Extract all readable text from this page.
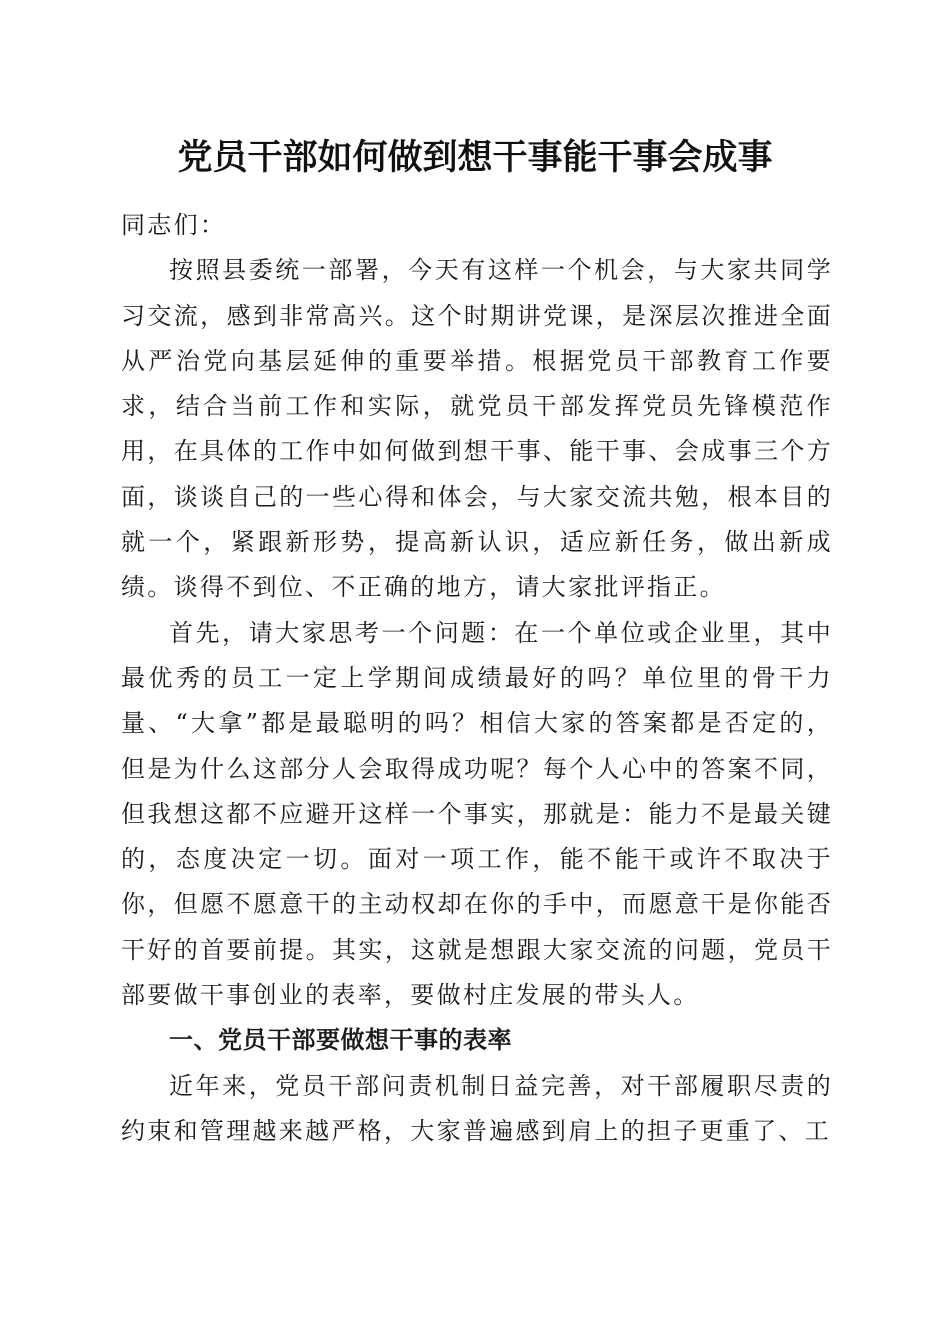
党员干部如何做到想干事能干事会成事

同志们：

按照县委统一部署，今天有这样一个机会，与大家共同学习交流，感到非常高兴。这个时期讲党课，是深层次推进全面从严治党向基层延伸的重要举措。根据党员干部教育工作要求，结合当前工作和实际，就党员干部发挥党员先锋模范作用，在具体的工作中如何做到想干事、能干事、会成事三个方面，谈谈自己的一些心得和体会，与大家交流共勉，根本目的就一个，紧跟新形势，提高新认识，适应新任务，做出新成绩。谈得不到位、不正确的地方，请大家批评指正。

首先，请大家思考一个问题：在一个单位或企业里，其中最优秀的员工一定上学期间成绩最好的吗？单位里的骨干力量、“大拿”都是最聪明的吗？相信大家的答案都是否定的，但是为什么这部分人会取得成功呢？每个人心中的答案不同，但我想这都不应避开这样一个事实，那就是：能力不是最关键的，态度决定一切。面对一项工作，能不能干或许不取决于你，但愿不愿意干的主动权却在你的手中，而愿意干是你能否干好的首要前提。其实，这就是想跟大家交流的问题，党员干部要做干事创业的表率，要做村庄发展的带头人。

一、党员干部要做想干事的表率

近年来，党员干部问责机制日益完善，对干部履职尽责的约束和管理越来越严格，大家普遍感到肩上的担子更重了、工
